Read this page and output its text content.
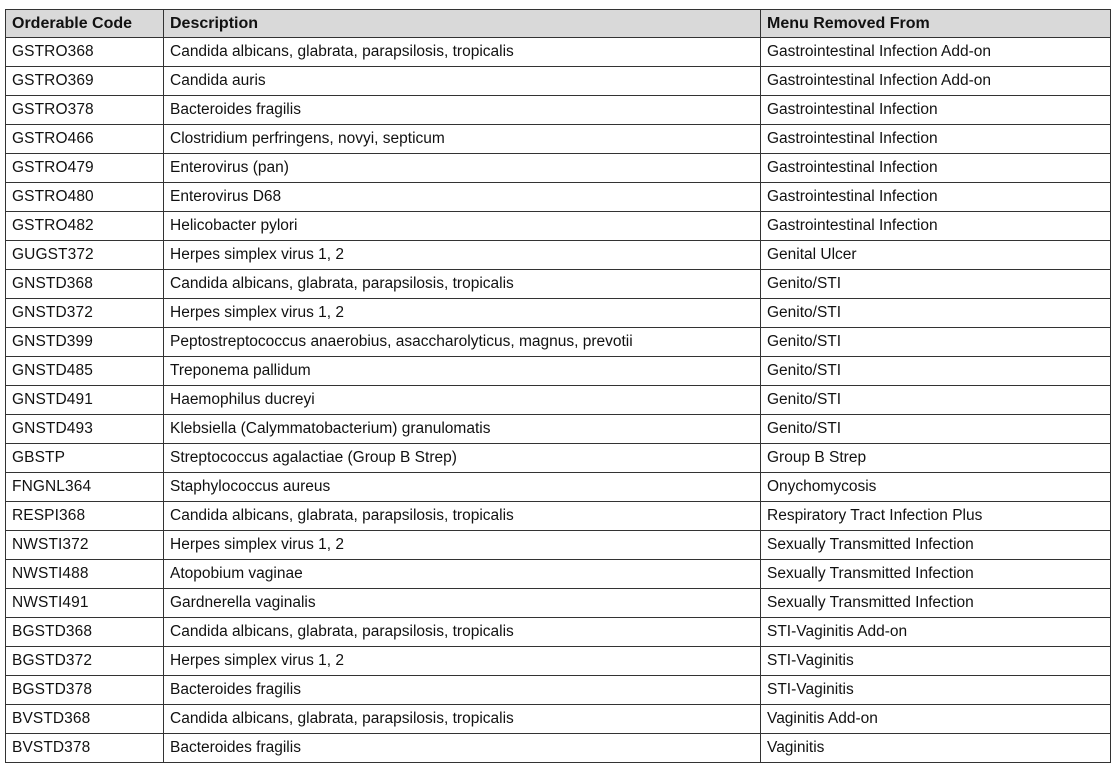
Orderable Code	Description	Menu Removed From
GSTRO368	Candida albicans, glabrata, parapsilosis, tropicalis	Gastrointestinal Infection Add-on
GSTRO369	Candida auris	Gastrointestinal Infection Add-on
GSTRO378	Bacteroides fragilis	Gastrointestinal Infection
GSTRO466	Clostridium perfringens, novyi, septicum	Gastrointestinal Infection
GSTRO479	Enterovirus (pan)	Gastrointestinal Infection
GSTRO480	Enterovirus D68	Gastrointestinal Infection
GSTRO482	Helicobacter pylori	Gastrointestinal Infection
GUGST372	Herpes simplex virus 1, 2	Genital Ulcer
GNSTD368	Candida albicans, glabrata, parapsilosis, tropicalis	Genito/STI
GNSTD372	Herpes simplex virus 1, 2	Genito/STI
GNSTD399	Peptostreptococcus anaerobius, asaccharolyticus, magnus, prevotii	Genito/STI
GNSTD485	Treponema pallidum	Genito/STI
GNSTD491	Haemophilus ducreyi	Genito/STI
GNSTD493	Klebsiella (Calymmatobacterium) granulomatis	Genito/STI
GBSTP	Streptococcus agalactiae (Group B Strep)	Group B Strep
FNGNL364	Staphylococcus aureus	Onychomycosis
RESPI368	Candida albicans, glabrata, parapsilosis, tropicalis	Respiratory Tract Infection Plus
NWSTI372	Herpes simplex virus 1, 2	Sexually Transmitted Infection
NWSTI488	Atopobium vaginae	Sexually Transmitted Infection
NWSTI491	Gardnerella vaginalis	Sexually Transmitted Infection
BGSTD368	Candida albicans, glabrata, parapsilosis, tropicalis	STI-Vaginitis Add-on
BGSTD372	Herpes simplex virus 1, 2	STI-Vaginitis
BGSTD378	Bacteroides fragilis	STI-Vaginitis
BVSTD368	Candida albicans, glabrata, parapsilosis, tropicalis	Vaginitis Add-on
BVSTD378	Bacteroides fragilis	Vaginitis
